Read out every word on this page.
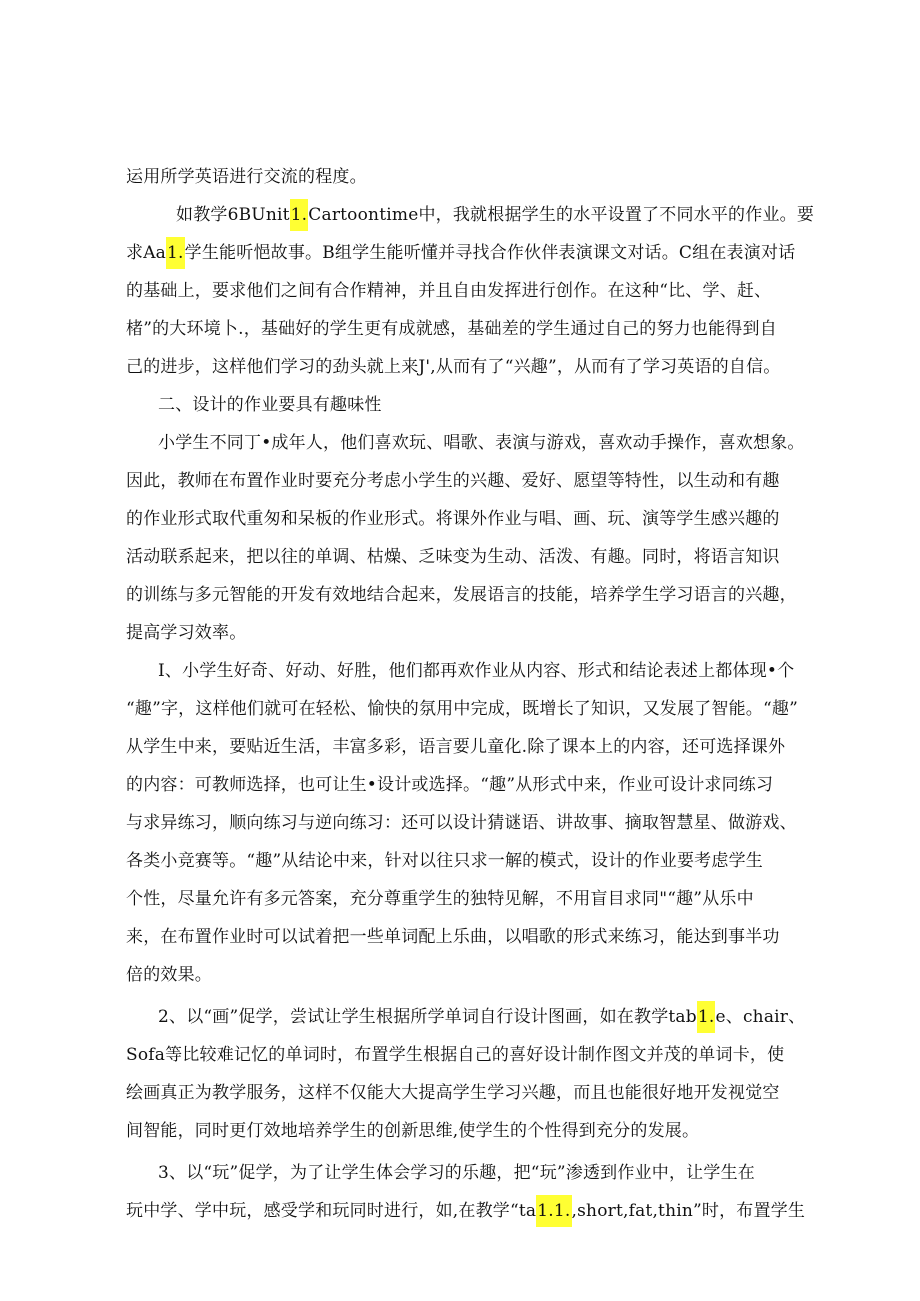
运用所学英语进行交流的程度。
如教学6BUnit1.Cartoontime中，我就根据学生的水平设置了不同水平的作业。要
求Aa1.学生能听悒故事。B组学生能听懂并寻找合作伙伴表演课文对话。C组在表演对话
的基础上，要求他们之间有合作精神，并且自由发挥进行创作。在这种“比、学、赶、
楮”的大环境卜.，基础好的学生更有成就感，基础差的学生通过自己的努力也能得到自
己的进步，这样他们学习的劲头就上来J',从而有了“兴趣”，从而有了学习英语的自信。
二、设计的作业要具有趣味性
小学生不同丁•成年人，他们喜欢玩、唱歌、表演与游戏，喜欢动手操作，喜欢想象。
因此，教师在布置作业时要充分考虑小学生的兴趣、爱好、愿望等特性，以生动和有趣
的作业形式取代重匆和呆板的作业形式。将课外作业与唱、画、玩、演等学生感兴趣的
活动联系起来，把以往的单调、枯燥、乏味变为生动、活泼、有趣。同时，将语言知识
的训练与多元智能的开发有效地结合起来，发展语言的技能，培养学生学习语言的兴趣，
提高学习效率。
I、小学生好奇、好动、好胜，他们都再欢作业从内容、形式和结论表述上都体现•个
“趣”字，这样他们就可在轻松、愉快的氛用中完成，既增长了知识，又发展了智能。“趣”
从学生中来，要贴近生活，丰富多彩，语言要儿童化.除了课本上的内容，还可选择课外
的内容：可教师选择，也可让生•设计或选择。“趣”从形式中来，作业可设计求同练习
与求异练习，顺向练习与逆向练习：还可以设计猜谜语、讲故事、摘取智慧星、做游戏、
各类小竞赛等。“趣”从结论中来，针对以往只求一解的模式，设计的作业要考虑学生
个性，尽量允许有多元答案，充分尊重学生的独特见解，不用盲目求同"“趣”从乐中
来，在布置作业时可以试着把一些单词配上乐曲，以唱歌的形式来练习，能达到事半功
倍的效果。
2、以“画”促学，尝试让学生根据所学单词自行设计图画，如在教学tab1.e、chair、
Sofa等比较难记忆的单词时，布置学生根据自己的喜好设计制作图文并茂的单词卡，使
绘画真正为教学服务，这样不仅能大大提高学生学习兴趣，而且也能很好地开发视觉空
间智能，同时更仃效地培养学生的创新思维,使学生的个性得到充分的发展。
3、以“玩”促学，为了让学生体会学习的乐趣，把“玩”渗透到作业中，让学生在
玩中学、学中玩，感受学和玩同时进行，如,在教学“ta1.1.,short,fat,thin”时，布置学生
